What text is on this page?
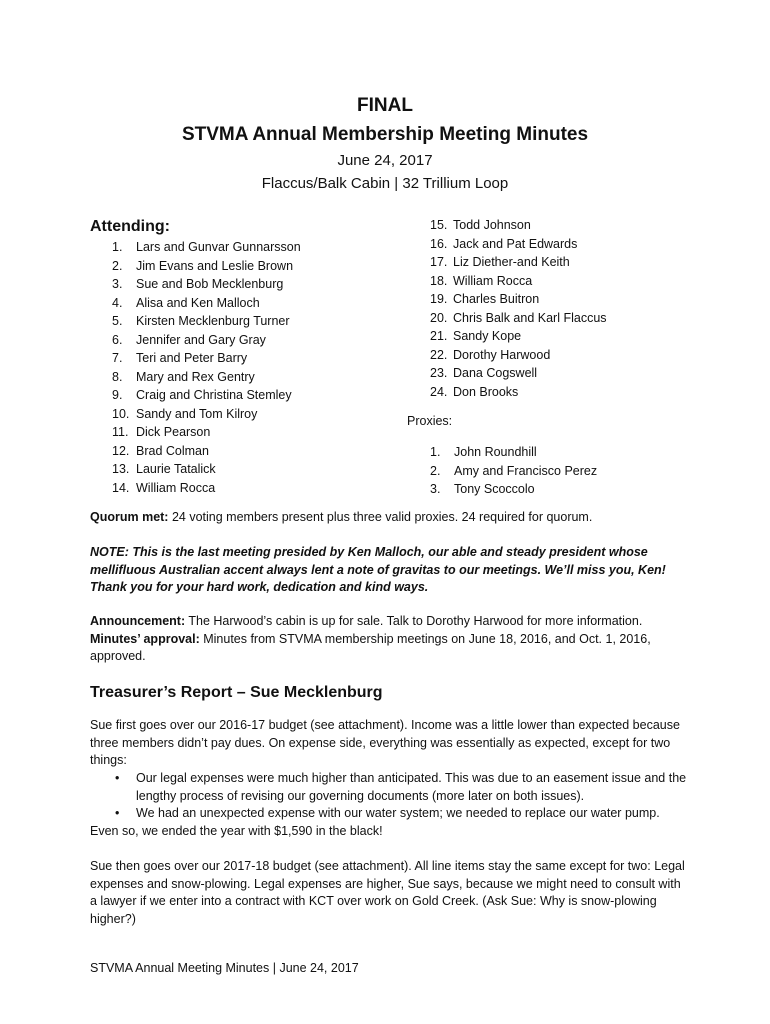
FINAL
STVMA Annual Membership Meeting Minutes
June 24, 2017
Flaccus/Balk Cabin | 32 Trillium Loop
Attending:
1. Lars and Gunvar Gunnarsson
2. Jim Evans and Leslie Brown
3. Sue and Bob Mecklenburg
4. Alisa and Ken Malloch
5. Kirsten Mecklenburg Turner
6. Jennifer and Gary Gray
7. Teri and Peter Barry
8. Mary and Rex Gentry
9. Craig and Christina Stemley
10. Sandy and Tom Kilroy
11. Dick Pearson
12. Brad Colman
13. Laurie Tatalick
14. William Rocca
15. Todd Johnson
16. Jack and Pat Edwards
17. Liz Diether-and Keith
18. William Rocca
19. Charles Buitron
20. Chris Balk and Karl Flaccus
21. Sandy Kope
22. Dorothy Harwood
23. Dana Cogswell
24. Don Brooks
Proxies:
1. John Roundhill
2. Amy and Francisco Perez
3. Tony Scoccolo
Quorum met: 24 voting members present plus three valid proxies. 24 required for quorum.
NOTE: This is the last meeting presided by Ken Malloch, our able and steady president whose mellifluous Australian accent always lent a note of gravitas to our meetings. We’ll miss you, Ken! Thank you for your hard work, dedication and kind ways.
Announcement: The Harwood’s cabin is up for sale. Talk to Dorothy Harwood for more information.
Minutes’ approval: Minutes from STVMA membership meetings on June 18, 2016, and Oct. 1, 2016, approved.
Treasurer’s Report – Sue Mecklenburg
Sue first goes over our 2016-17 budget (see attachment). Income was a little lower than expected because three members didn’t pay dues. On expense side, everything was essentially as expected, except for two things:
• Our legal expenses were much higher than anticipated. This was due to an easement issue and the lengthy process of revising our governing documents (more later on both issues).
• We had an unexpected expense with our water system; we needed to replace our water pump.
Even so, we ended the year with $1,590 in the black!
Sue then goes over our 2017-18 budget (see attachment). All line items stay the same except for two: Legal expenses and snow-plowing. Legal expenses are higher, Sue says, because we might need to consult with a lawyer if we enter into a contract with KCT over work on Gold Creek. (Ask Sue: Why is snow-plowing higher?)
STVMA Annual Meeting Minutes | June 24, 2017
